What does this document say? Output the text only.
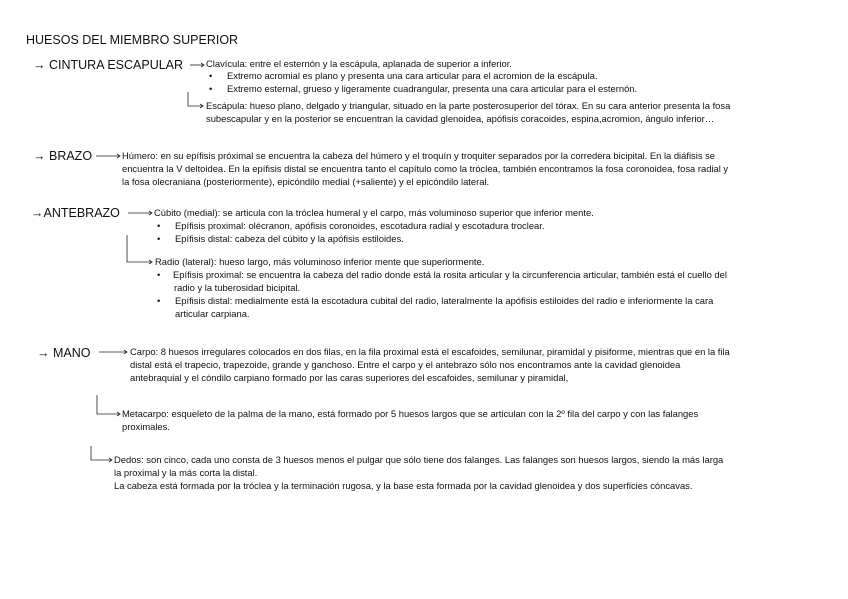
HUESOS DEL MIEMBRO SUPERIOR
→ CINTURA ESCAPULAR Clavícula: entre el esternón y la escápula, aplanada de superior a inferior.
• Extremo acromial es plano y presenta una cara articular para el acromion de la escápula.
• Extremo esternal, grueso y ligeramente cuadrangular, presenta una cara articular para el esternón.
Escápula: hueso plano, delgado y triangular, situado en la parte posterosuperior del tórax. En su cara anterior presenta la fosa
subescapular y en la posterior se encuentran la cavidad glenoidea, apófisis coracoides, espina,acromion, ángulo inferior…
→ BRAZO	Húmero: en su epífisis próximal se encuentra la cabeza del húmero y el troquín y troquiter separados por la corredera bicipital. En la diáfisis se
encuentra la V deltoidea. En la epífisis distal se encuentra tanto el capítulo como la tróclea, también encontramos la fosa coronoidea, fosa radial y
la fosa olecraniana (posteriormente), epicóndilo medial (+saliente) y el epicóndilo lateral.
→ANTEBRAZO	Cúbito (medial): se articula con la tróclea humeral y el carpo, más voluminoso superior que inferior mente.
• Epífisis proximal: olécranon, apófisis coronoides, escotadura radial y escotadura troclear.
• Epífisis distal: cabeza del cúbito y la apófisis estiloides.
Radio (lateral): hueso largo, más voluminoso inferior mente que superiormente.
• Epífisis proximal: se encuentra la cabeza del radio donde está la rosita articular y la circunferencia articular, también está el cuello del
radio y la tuberosidad bicipital.
• Epífisis distal: medialmente está la escotadura cubital del radio, lateralmente la apófisis estiloides del radio e inferiormente la cara
articular carpiana.
→ MANO	Carpo: 8 huesos irregulares colocados en dos filas, en la fila proximal está el escafoides, semilunar, piramidal y pisiforme, mientras que en la fila
distal está el trapecio, trapezoide, grande y ganchoso. Entre el carpo y el antebrazo sólo nos encontramos ante la cavidad glenoidea
antebraquial y el cóndilo carpiano formado por las caras superiores del escafoides, semilunar y piramidal,
Metacarpo: esqueleto de la palma de la mano, está formado por 5 huesos largos que se articulan con la 2º fila del carpo y con las falanges
proximales.
Dedos: son cinco, cada uno consta de 3 huesos menos el pulgar que sólo tiene dos falanges. Las falanges son huesos largos, siendo la más larga
la proximal y la más corta la distal.
La cabeza está formada por la tróclea y la terminación rugosa, y la base esta formada por la cavidad glenoidea y dos superficies cóncavas.
